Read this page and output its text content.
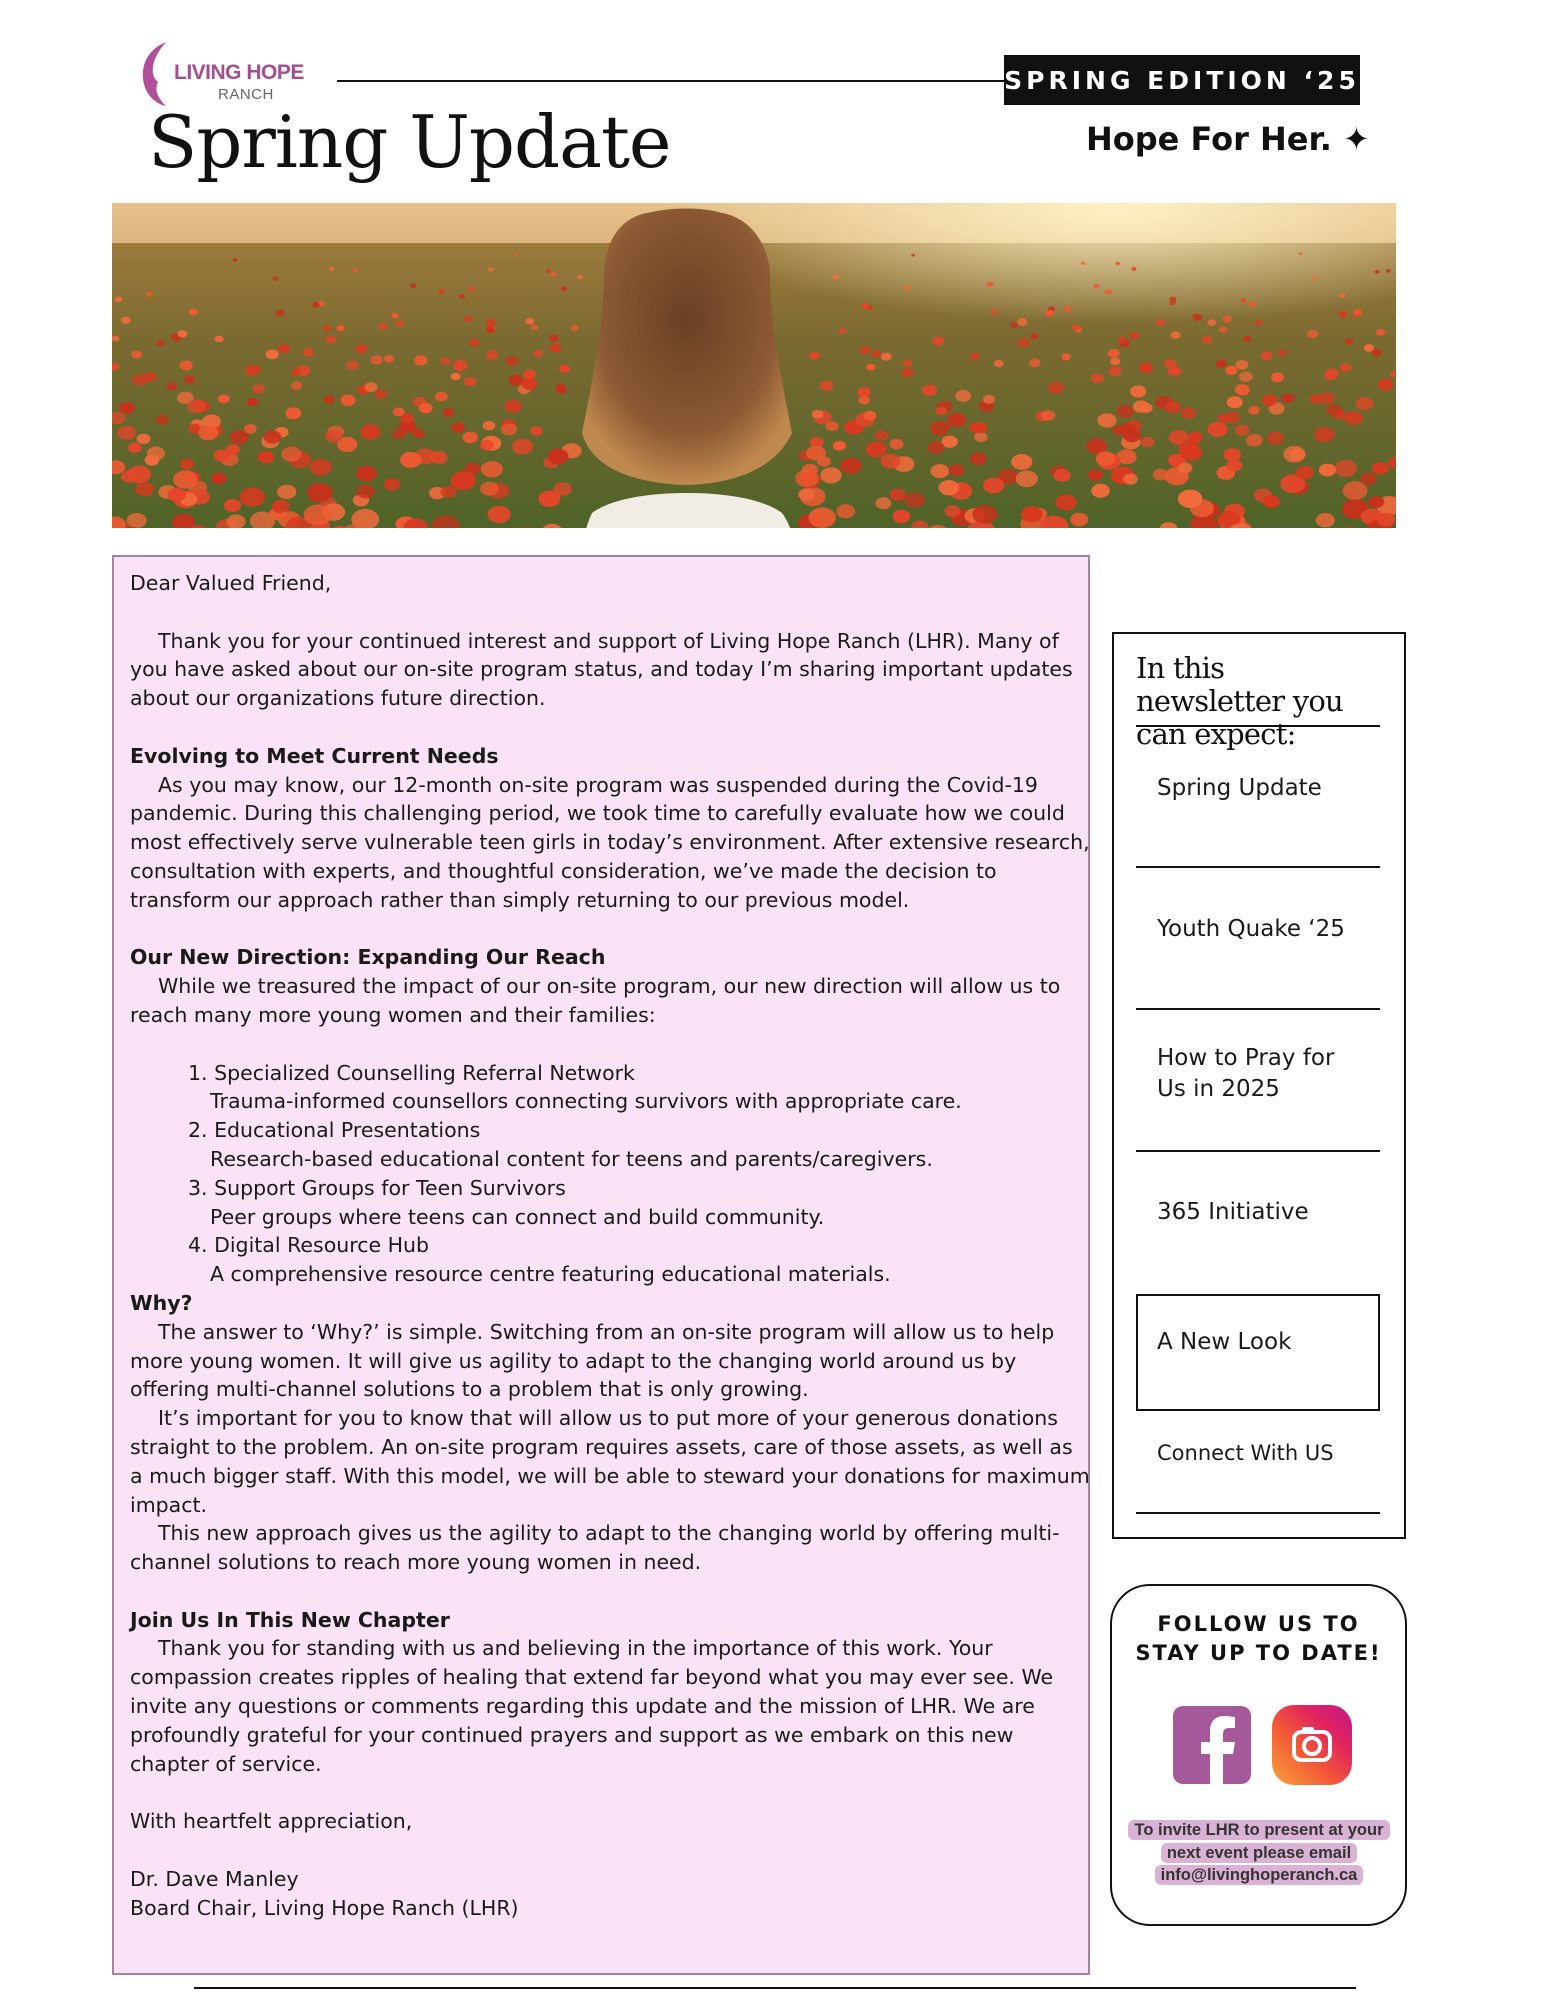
LIVING HOPE
RANCH	SPRING EDITION ‘25
Spring Update	Hope For Her. ✦

Dear Valued Friend,

Thank you for your continued interest and support of Living Hope Ranch (LHR). Many of you have asked about our on-site program status, and today I’m sharing important updates about our organizations future direction.

Evolving to Meet Current Needs

As you may know, our 12-month on-site program was suspended during the Covid-19 pandemic. During this challenging period, we took time to carefully evaluate how we could most effectively serve vulnerable teen girls in today’s environment. After extensive research, consultation with experts, and thoughtful consideration, we’ve made the decision to transform our approach rather than simply returning to our previous model.

Our New Direction: Expanding Our Reach

While we treasured the impact of our on-site program, our new direction will allow us to reach many more young women and their families:

1. Specialized Counselling Referral Network

Trauma-informed counsellors connecting survivors with appropriate care.

2. Educational Presentations

Research-based educational content for teens and parents/caregivers.

3. Support Groups for Teen Survivors

Peer groups where teens can connect and build community.

4. Digital Resource Hub

A comprehensive resource centre featuring educational materials.

Why?

The answer to ‘Why?’ is simple. Switching from an on-site program will allow us to help more young women. It will give us agility to adapt to the changing world around us by offering multi-channel solutions to a problem that is only growing.

It’s important for you to know that will allow us to put more of your generous donations straight to the problem. An on-site program requires assets, care of those assets, as well as a much bigger staff. With this model, we will be able to steward your donations for maximum impact.

This new approach gives us the agility to adapt to the changing world by offering multi-channel solutions to reach more young women in need.

Join Us In This New Chapter

Thank you for standing with us and believing in the importance of this work. Your compassion creates ripples of healing that extend far beyond what you may ever see. We invite any questions or comments regarding this update and the mission of LHR. We are profoundly grateful for your continued prayers and support as we embark on this new chapter of service.

With heartfelt appreciation,

Dr. Dave Manley

Board Chair, Living Hope Ranch (LHR)

In this newsletter you can expect:
Spring Update
Youth Quake ‘25
How to Pray for Us in 2025
365 Initiative
A New Look
Connect With US
FOLLOW US TO STAY UP TO DATE!
To invite LHR to present at your next event please email info@livinghoperanch.ca
